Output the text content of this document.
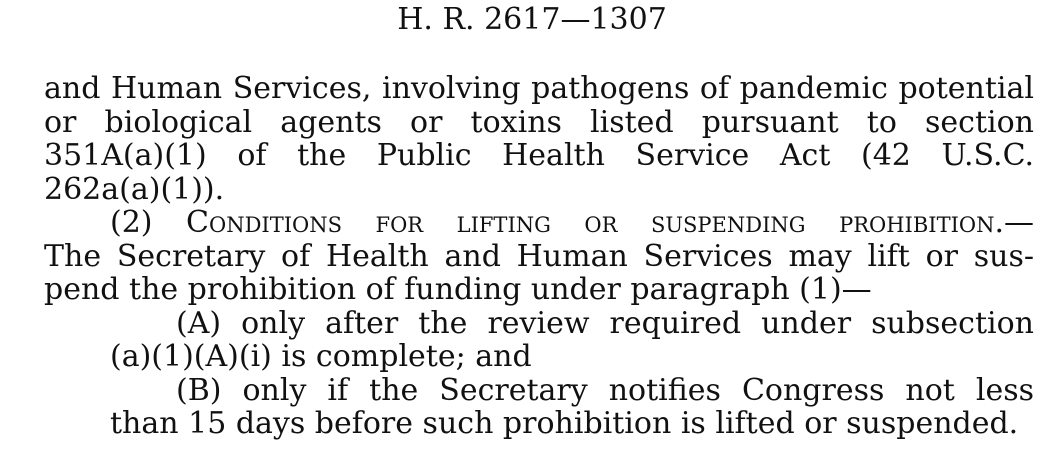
H. R. 2617—1307
and Human Services, involving pathogens of pandemic potential
or biological agents or toxins listed pursuant to section
351A(a)(1) of the Public Health Service Act (42 U.S.C.
262a(a)(1)).
(2) Conditions for lifting or suspending prohibition.—
The Secretary of Health and Human Services may lift or sus-
pend the prohibition of funding under paragraph (1)—
(A) only after the review required under subsection
(a)(1)(A)(i) is complete; and
(B) only if the Secretary notifies Congress not less
than 15 days before such prohibition is lifted or suspended.
